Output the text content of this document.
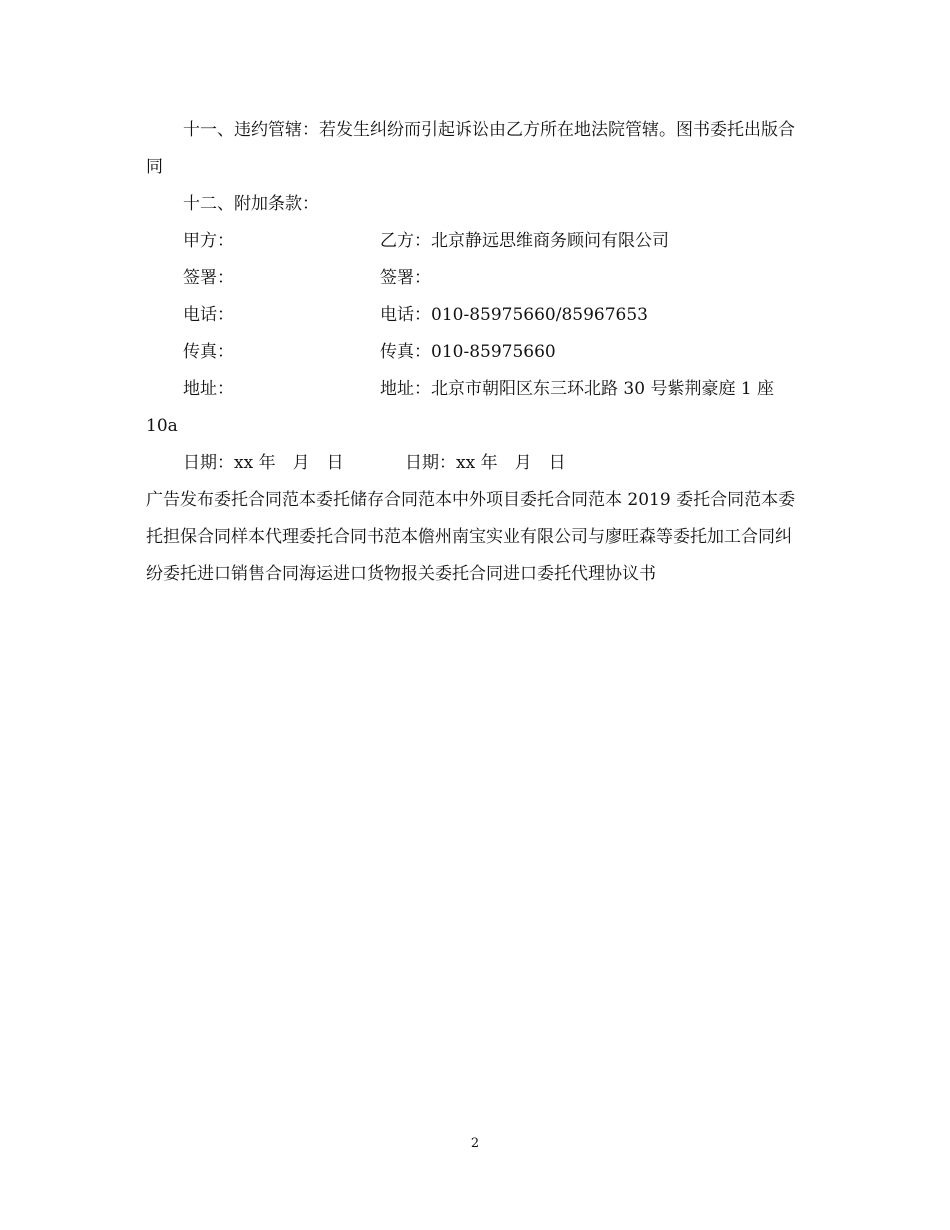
十一、违约管辖：若发生纠纷而引起诉讼由乙方所在地法院管辖。图书委托出版合同

十二、附加条款：

甲方：	乙方：北京静远思维商务顾问有限公司
签署：	签署：
电话：	电话：010-85975660/85967653
传真：	传真：010-85975660
地址：	地址：北京市朝阳区东三环北路 30 号紫荆豪庭 1 座

10a

日期：xx 年　月　日	日期：xx 年　月　日

广告发布委托合同范本委托储存合同范本中外项目委托合同范本 2019 委托合同范本委托担保合同样本代理委托合同书范本儋州南宝实业有限公司与廖旺森等委托加工合同纠纷委托进口销售合同海运进口货物报关委托合同进口委托代理协议书

2
